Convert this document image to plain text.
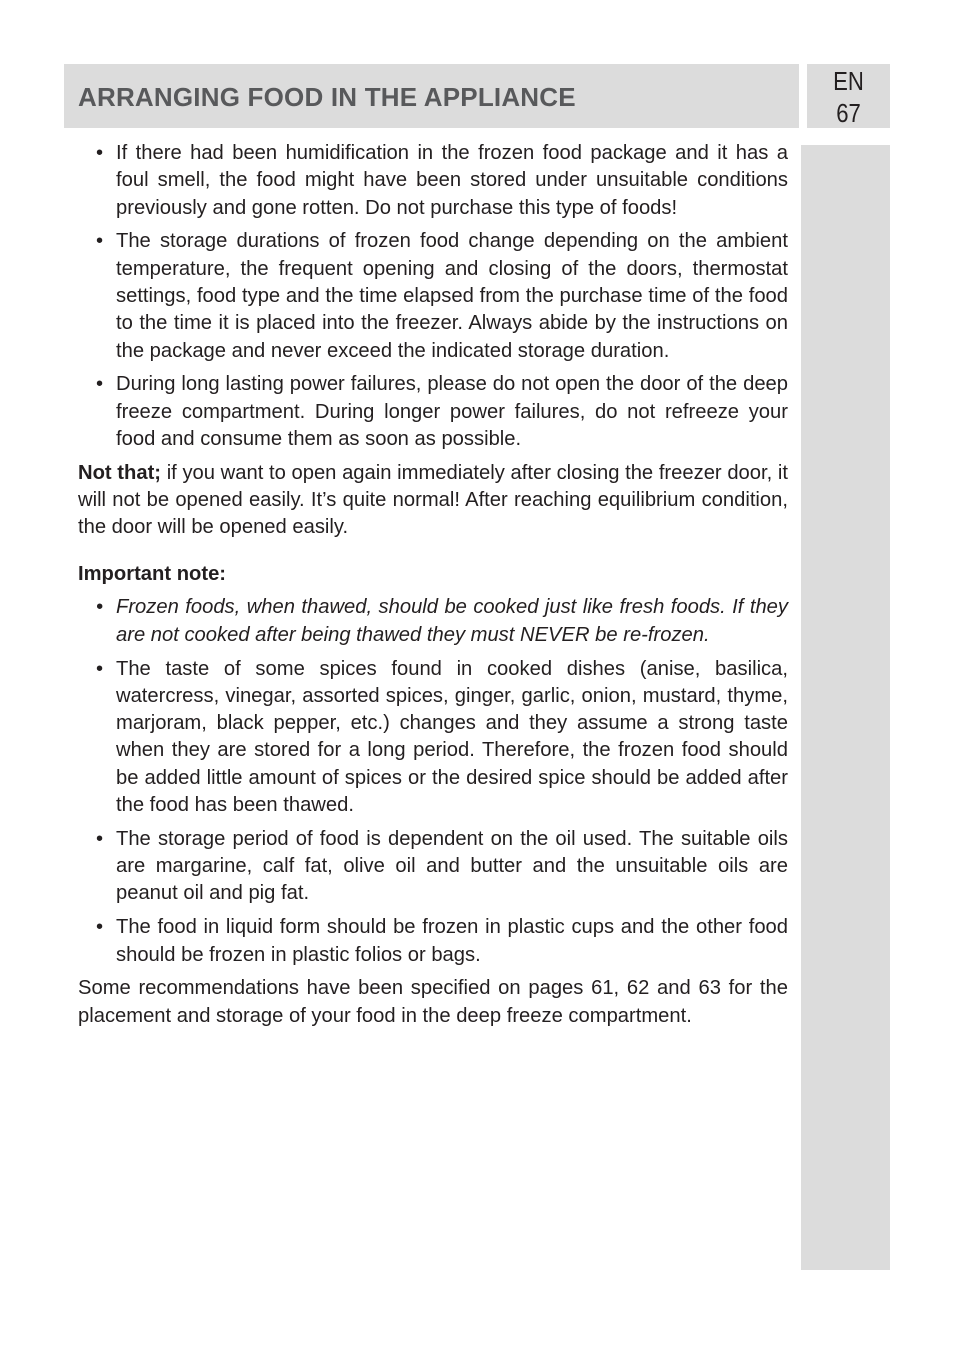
ARRANGING FOOD IN THE APPLIANCE
EN
67
• If there had been humidification in the frozen food package and it has a foul smell, the food might have been stored under unsuitable conditions previously and gone rotten. Do not purchase this type of foods!
• The storage durations of frozen food change depending on the ambient temperature, the frequent opening and closing of the doors, thermostat settings, food type and the time elapsed from the purchase time of the food to the time it is placed into the freezer. Always abide by the instructions on the package and never exceed the indicated storage duration.
• During long lasting power failures, please do not open the door of the deep freeze compartment. During longer power failures, do not refreeze your food and consume them as soon as possible.

Not that; if you want to open again immediately after closing the freezer door, it will not be opened easily. It’s quite normal! After reaching equilibrium condition, the door will be opened easily.

Important note:

• Frozen foods, when thawed, should be cooked just like fresh foods. If they are not cooked after being thawed they must NEVER be re-frozen.
• The taste of some spices found in cooked dishes (anise, basilica, watercress, vinegar, assorted spices, ginger, garlic, onion, mustard, thyme, marjoram, black pepper, etc.) changes and they assume a strong taste when they are stored for a long period. Therefore, the frozen food should be added little amount of spices or the desired spice should be added after the food has been thawed.
• The storage period of food is dependent on the oil used. The suitable oils are margarine, calf fat, olive oil and butter and the unsuitable oils are peanut oil and pig fat.
• The food in liquid form should be frozen in plastic cups and the other food should be frozen in plastic folios or bags.

Some recommendations have been specified on pages 61, 62 and 63 for the placement and storage of your food in the deep freeze compartment.
